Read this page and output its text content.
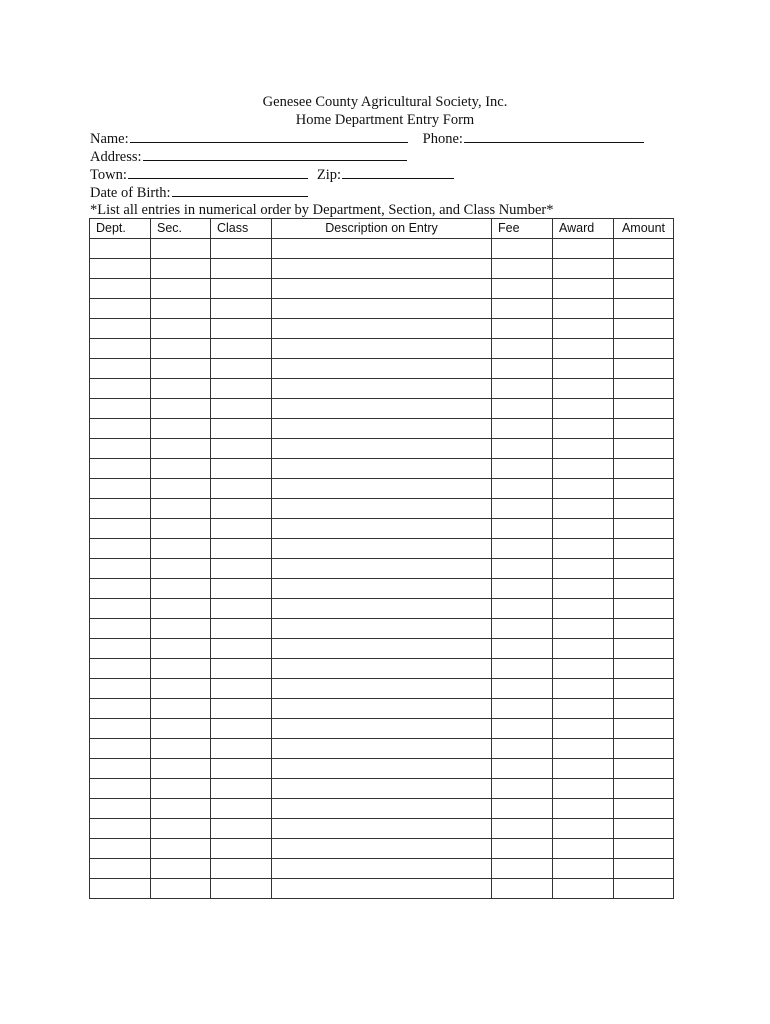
Genesee County Agricultural Society, Inc.
Home Department Entry Form
Name:	Phone:
Address:
Town:	Zip:
Date of Birth:
*List all entries in numerical order by Department, Section, and Class Number*
Dept.	Sec.	Class	Description on Entry	Fee	Award	Amount
